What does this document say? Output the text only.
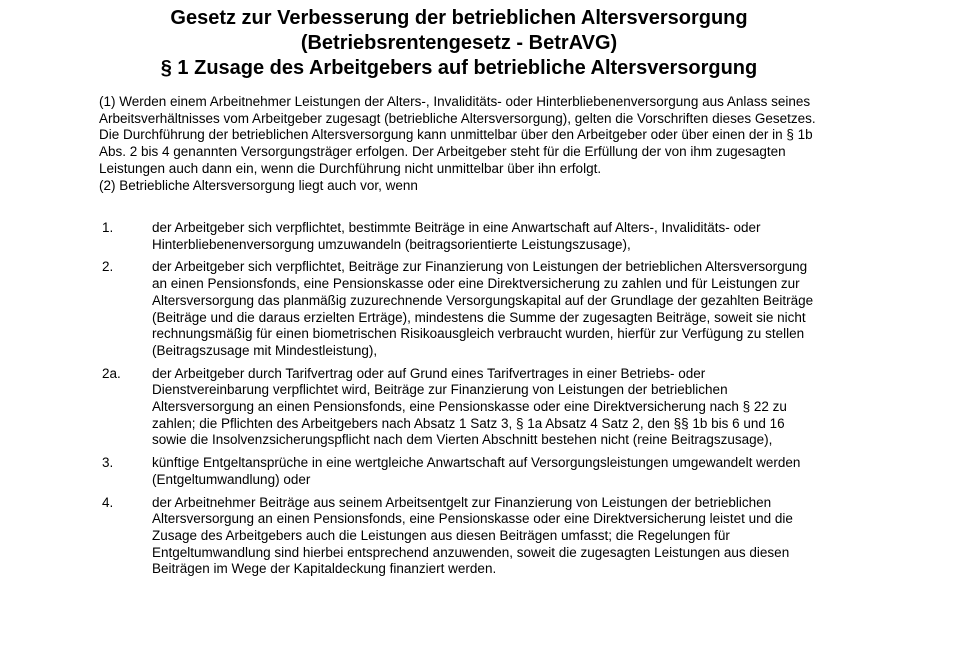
Gesetz zur Verbesserung der betrieblichen Altersversorgung
(Betriebsrentengesetz - BetrAVG)
§ 1 Zusage des Arbeitgebers auf betriebliche Altersversorgung

(1) Werden einem Arbeitnehmer Leistungen der Alters-, Invaliditäts- oder Hinterbliebenenversorgung aus Anlass seines Arbeitsverhältnisses vom Arbeitgeber zugesagt (betriebliche Altersversorgung), gelten die Vorschriften dieses Gesetzes. Die Durchführung der betrieblichen Altersversorgung kann unmittelbar über den Arbeitgeber oder über einen der in § 1b Abs. 2 bis 4 genannten Versorgungsträger erfolgen. Der Arbeitgeber steht für die Erfüllung der von ihm zugesagten Leistungen auch dann ein, wenn die Durchführung nicht unmittelbar über ihn erfolgt.

(2) Betriebliche Altersversorgung liegt auch vor, wenn

1.	der Arbeitgeber sich verpflichtet, bestimmte Beiträge in eine Anwartschaft auf Alters-, Invaliditäts- oder Hinterbliebenenversorgung umzuwandeln (beitragsorientierte Leistungszusage),
2.	der Arbeitgeber sich verpflichtet, Beiträge zur Finanzierung von Leistungen der betrieblichen Altersversorgung an einen Pensionsfonds, eine Pensionskasse oder eine Direktversicherung zu zahlen und für Leistungen zur Altersversorgung das planmäßig zuzurechnende Versorgungskapital auf der Grundlage der gezahlten Beiträge (Beiträge und die daraus erzielten Erträge), mindestens die Summe der zugesagten Beiträge, soweit sie nicht rechnungsmäßig für einen biometrischen Risikoausgleich verbraucht wurden, hierfür zur Verfügung zu stellen (Beitragszusage mit Mindestleistung),
2a.	der Arbeitgeber durch Tarifvertrag oder auf Grund eines Tarifvertrages in einer Betriebs- oder Dienstvereinbarung verpflichtet wird, Beiträge zur Finanzierung von Leistungen der betrieblichen Altersversorgung an einen Pensionsfonds, eine Pensionskasse oder eine Direktversicherung nach § 22 zu zahlen; die Pflichten des Arbeitgebers nach Absatz 1 Satz 3, § 1a Absatz 4 Satz 2, den §§ 1b bis 6 und 16 sowie die Insolvenzsicherungspflicht nach dem Vierten Abschnitt bestehen nicht (reine Beitragszusage),
3.	künftige Entgeltansprüche in eine wertgleiche Anwartschaft auf Versorgungsleistungen umgewandelt werden (Entgeltumwandlung) oder
4.	der Arbeitnehmer Beiträge aus seinem Arbeitsentgelt zur Finanzierung von Leistungen der betrieblichen Altersversorgung an einen Pensionsfonds, eine Pensionskasse oder eine Direktversicherung leistet und die Zusage des Arbeitgebers auch die Leistungen aus diesen Beiträgen umfasst; die Regelungen für Entgeltumwandlung sind hierbei entsprechend anzuwenden, soweit die zugesagten Leistungen aus diesen Beiträgen im Wege der Kapitaldeckung finanziert werden.
